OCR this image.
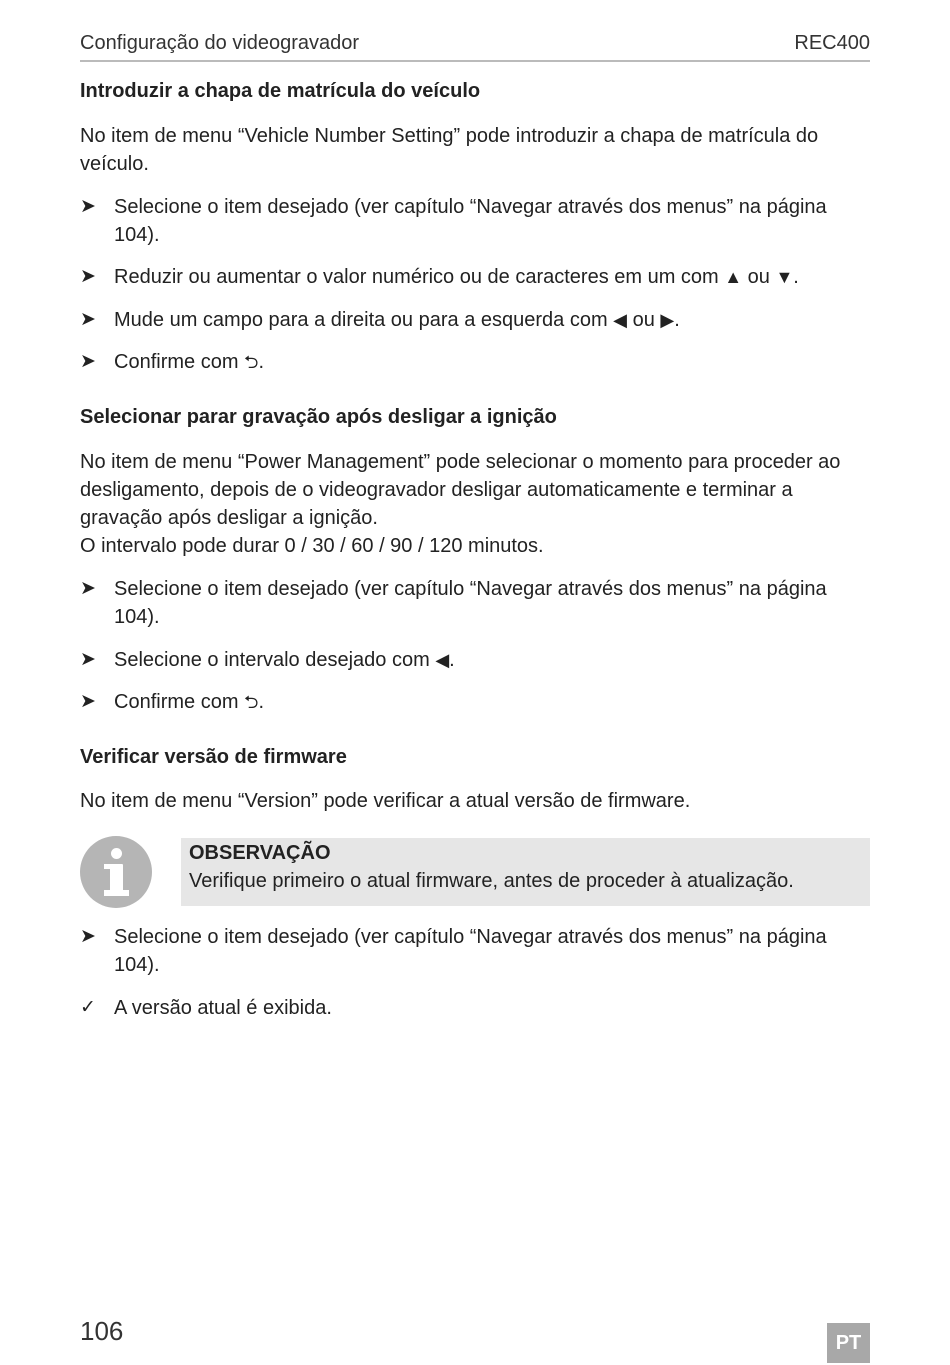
Configuração do videogravador	REC400
Introduzir a chapa de matrícula do veículo
No item de menu “Vehicle Number Setting” pode introduzir a chapa de matrícula do veículo.
➤ Selecione o item desejado (ver capítulo “Navegar através dos menus” na página 104).
➤ Reduzir ou aumentar o valor numérico ou de caracteres em um com ▲ ou ▼.
➤ Mude um campo para a direita ou para a esquerda com ◀ ou ▶.
➤ Confirme com ⮌.
Selecionar parar gravação após desligar a ignição
No item de menu “Power Management” pode selecionar o momento para proceder ao desligamento, depois de o videogravador desligar automaticamente e terminar a gravação após desligar a ignição.
O intervalo pode durar 0 / 30 / 60 / 90 / 120 minutos.
➤ Selecione o item desejado (ver capítulo “Navegar através dos menus” na página 104).
➤ Selecione o intervalo desejado com ◀.
➤ Confirme com ⮌.
Verificar versão de firmware
No item de menu “Version” pode verificar a atual versão de firmware.
OBSERVAÇÃO
Verifique primeiro o atual firmware, antes de proceder à atualização.
➤ Selecione o item desejado (ver capítulo “Navegar através dos menus” na página 104).
✓ A versão atual é exibida.
106	PT
